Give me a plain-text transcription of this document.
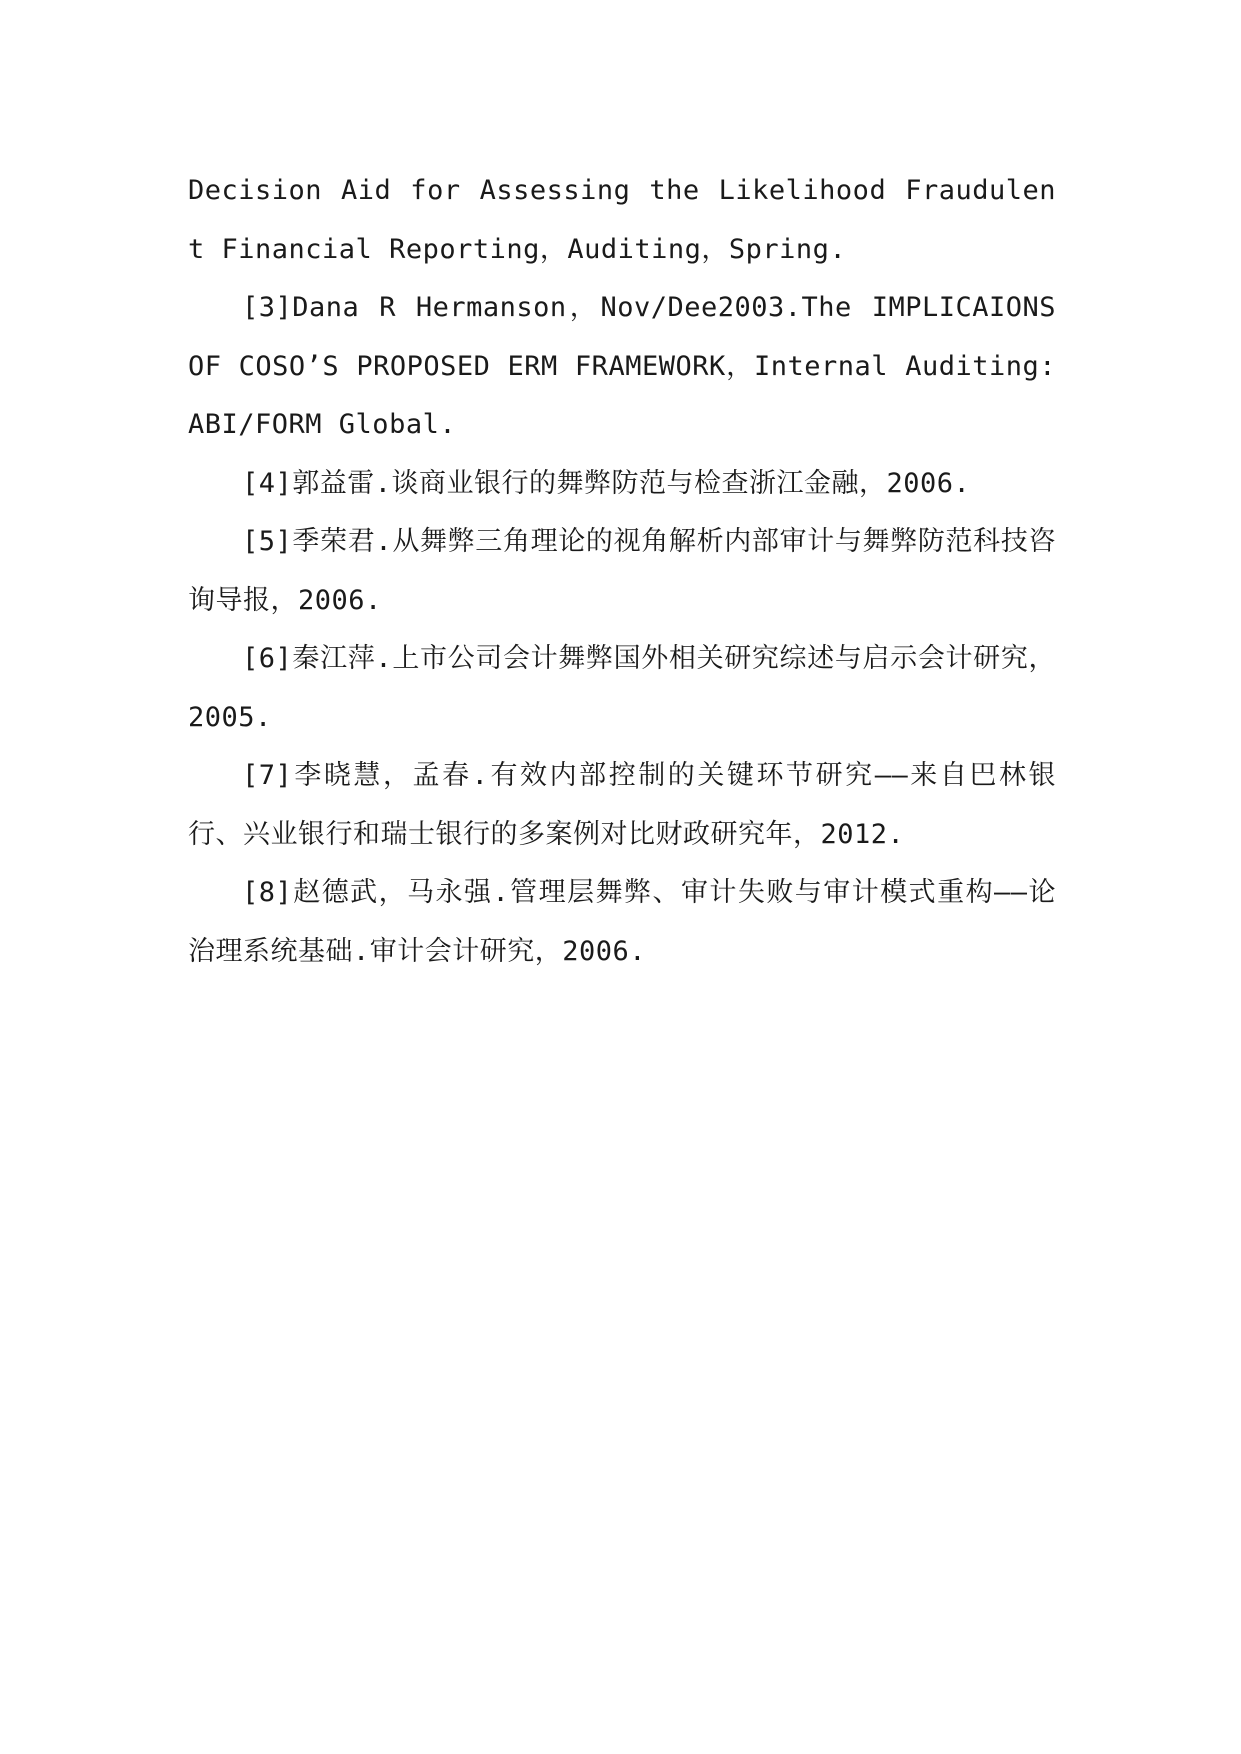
Decision Aid for Assessing the Likelihood Fraudulent Financial Reporting，Auditing，Spring.

[3]Dana R Hermanson，Nov/Dee2003.The IMPLICAIONS OF COSO’S PROPOSED ERM FRAMEWORK，Internal Auditing: ABI/FORM Global.

[4]郭益雷.谈商业银行的舞弊防范与检查浙江金融，2006.

[5]季荣君.从舞弊三角理论的视角解析内部审计与舞弊防范科技咨询导报，2006.

[6]秦江萍.上市公司会计舞弊国外相关研究综述与启示会计研究，2005.

[7]李晓慧，孟春.有效内部控制的关键环节研究——来自巴林银行、兴业银行和瑞士银行的多案例对比财政研究年，2012.

[8]赵德武，马永强.管理层舞弊、审计失败与审计模式重构——论治理系统基础.审计会计研究，2006.
